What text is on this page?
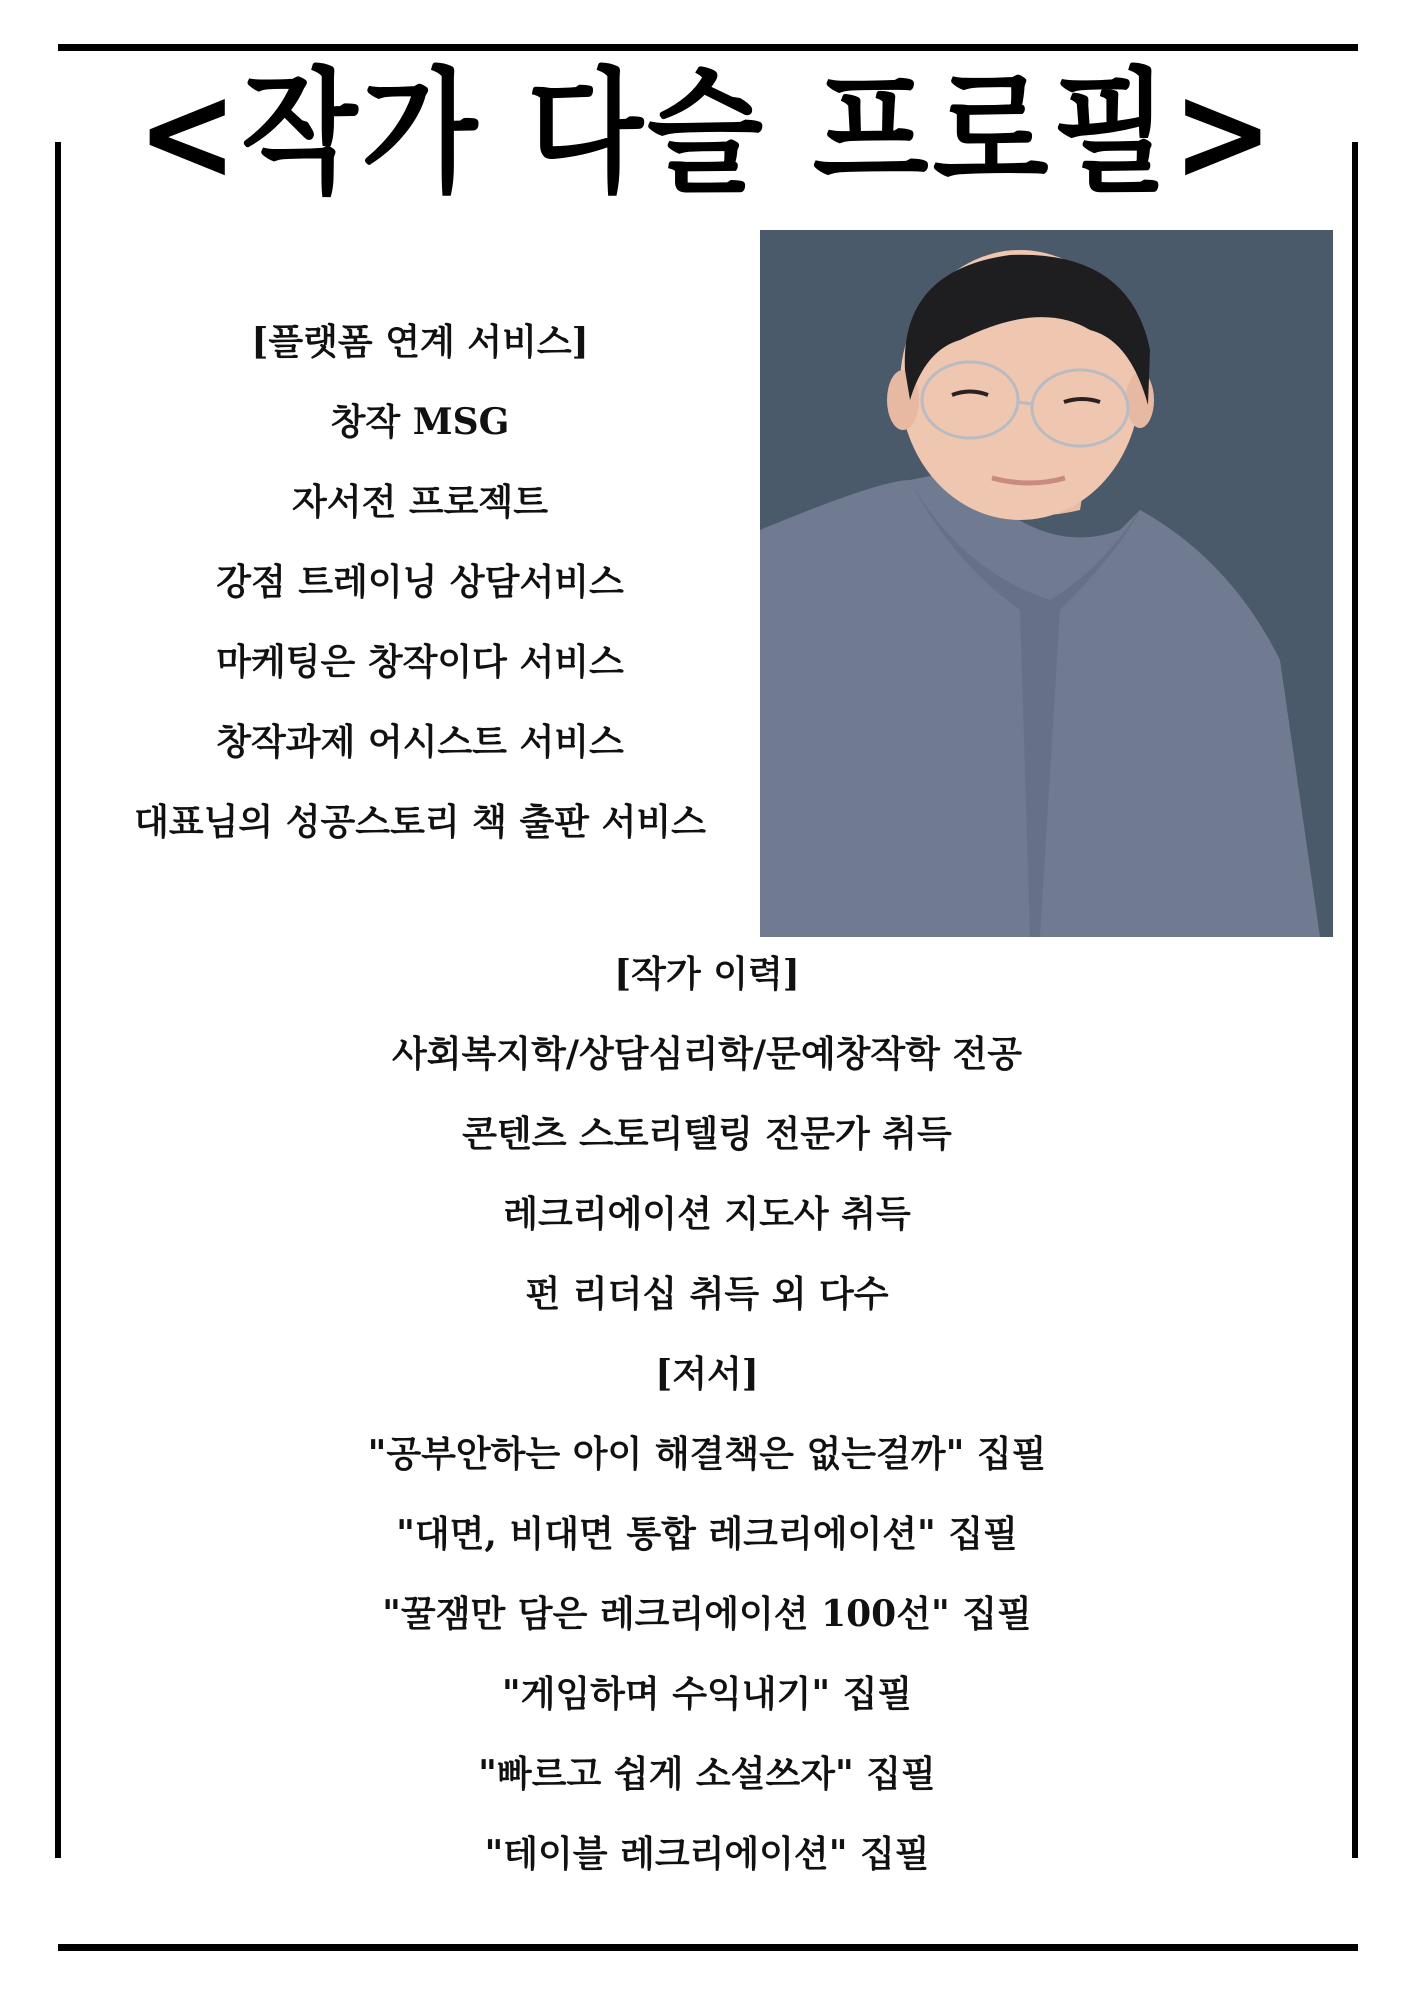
<작가 다슬 프로필>
[플랫폼 연계 서비스]
창작 MSG
자서전 프로젝트
강점 트레이닝 상담서비스
마케팅은 창작이다 서비스
창작과제 어시스트 서비스
대표님의 성공스토리 책 출판 서비스
[작가 이력]
사회복지학/상담심리학/문예창작학 전공
콘텐츠 스토리텔링 전문가 취득
레크리에이션 지도사 취득
펀 리더십 취득 외 다수
[저서]
"공부안하는 아이 해결책은 없는걸까" 집필
"대면, 비대면 통합 레크리에이션" 집필
"꿀잼만 담은 레크리에이션 100선" 집필
"게임하며 수익내기" 집필
"빠르고 쉽게 소설쓰자" 집필
"테이블 레크리에이션" 집필
